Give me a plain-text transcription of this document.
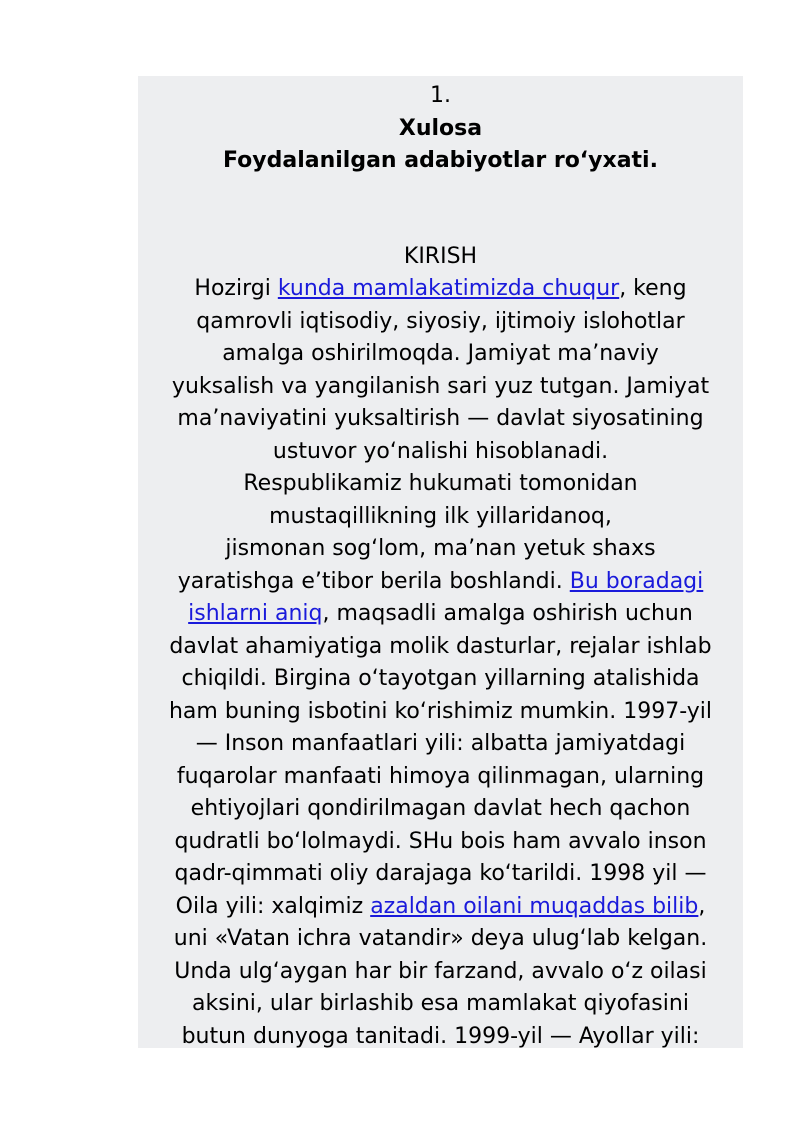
1.
Xulosa
Foydalanilgan adabiyotlar ro‘yxati.
KIRISH
Hozirgi kunda mamlakatimizda chuqur, keng
qamrovli iqtisodiy, siyosiy, ijtimoiy islohotlar
amalga oshirilmoqda. Jamiyat ma’naviy
yuksalish va yangilanish sari yuz tutgan. Jamiyat
ma’naviyatini yuksaltirish — davlat siyosatining
ustuvor yo‘nalishi hisoblanadi.
Respublikamiz hukumati tomonidan
mustaqillikning ilk yillaridanoq,
jismonan sog‘lom, ma’nan yetuk shaxs
yaratishga e’tibor berila boshlandi. Bu boradagi
ishlarni aniq, maqsadli amalga oshirish uchun
davlat ahamiyatiga molik dasturlar, rejalar ishlab
chiqildi. Birgina o‘tayotgan yillarning atalishida
ham buning isbotini ko‘rishimiz mumkin. 1997-yil
— Inson manfaatlari yili: albatta jamiyatdagi
fuqarolar manfaati himoya qilinmagan, ularning
ehtiyojlari qondirilmagan davlat hech qachon
qudratli bo‘lolmaydi. SHu bois ham avvalo inson
qadr-qimmati oliy darajaga ko‘tarildi. 1998 yil —
Oila yili: xalqimiz azaldan oilani muqaddas bilib,
uni «Vatan ichra vatandir» deya ulug‘lab kelgan.
Unda ulg‘aygan har bir farzand, avvalo o‘z oilasi
aksini, ular birlashib esa mamlakat qiyofasini
butun dunyoga tanitadi. 1999-yil — Ayollar yili:
